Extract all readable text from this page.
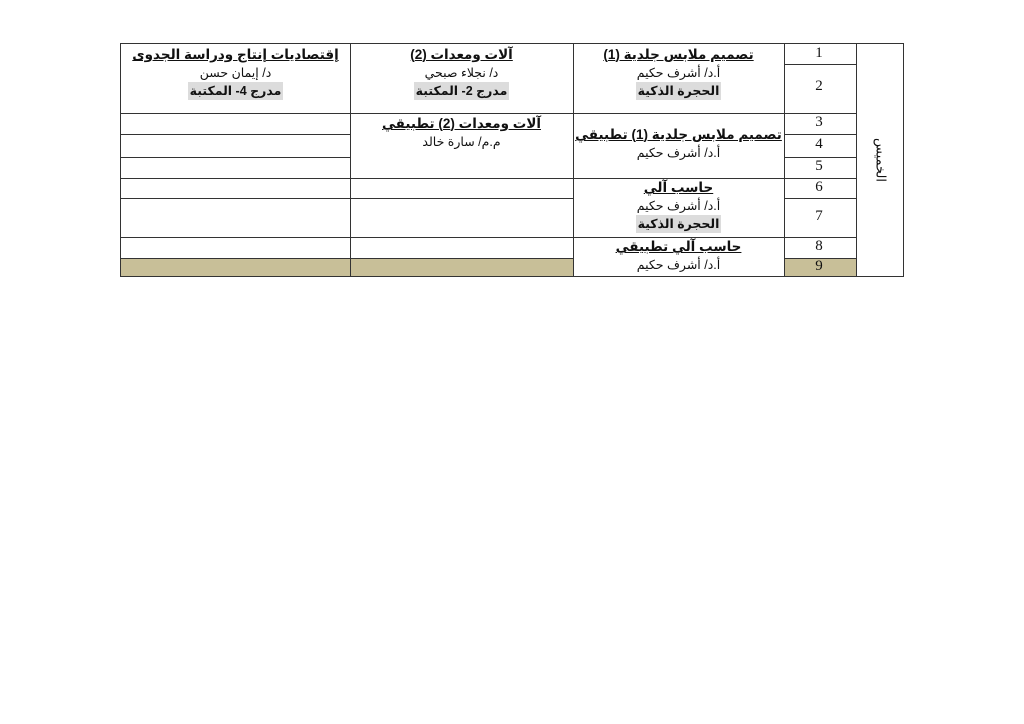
1
2
3
4
5
6
7
8
9
الخميس
تصميم ملابس جلدية (1)
أ.د/ أشرف حكيم
الحجرة الذكية
تصميم ملابس جلدية (1) تطبيقي
أ.د/ أشرف حكيم
حاسب آلي
أ.د/ أشرف حكيم
الحجرة الذكية
حاسب آلي تطبيقي
أ.د/ أشرف حكيم
آلات ومعدات (2)
د/ نجلاء صبحي
مدرج 2- المكتبة
آلات ومعدات (2) تطبيقي
م.م/ سارة خالد
إقتصاديات إنتاج ودراسة الجدوى
د/ إيمان حسن
مدرج 4- المكتبة
